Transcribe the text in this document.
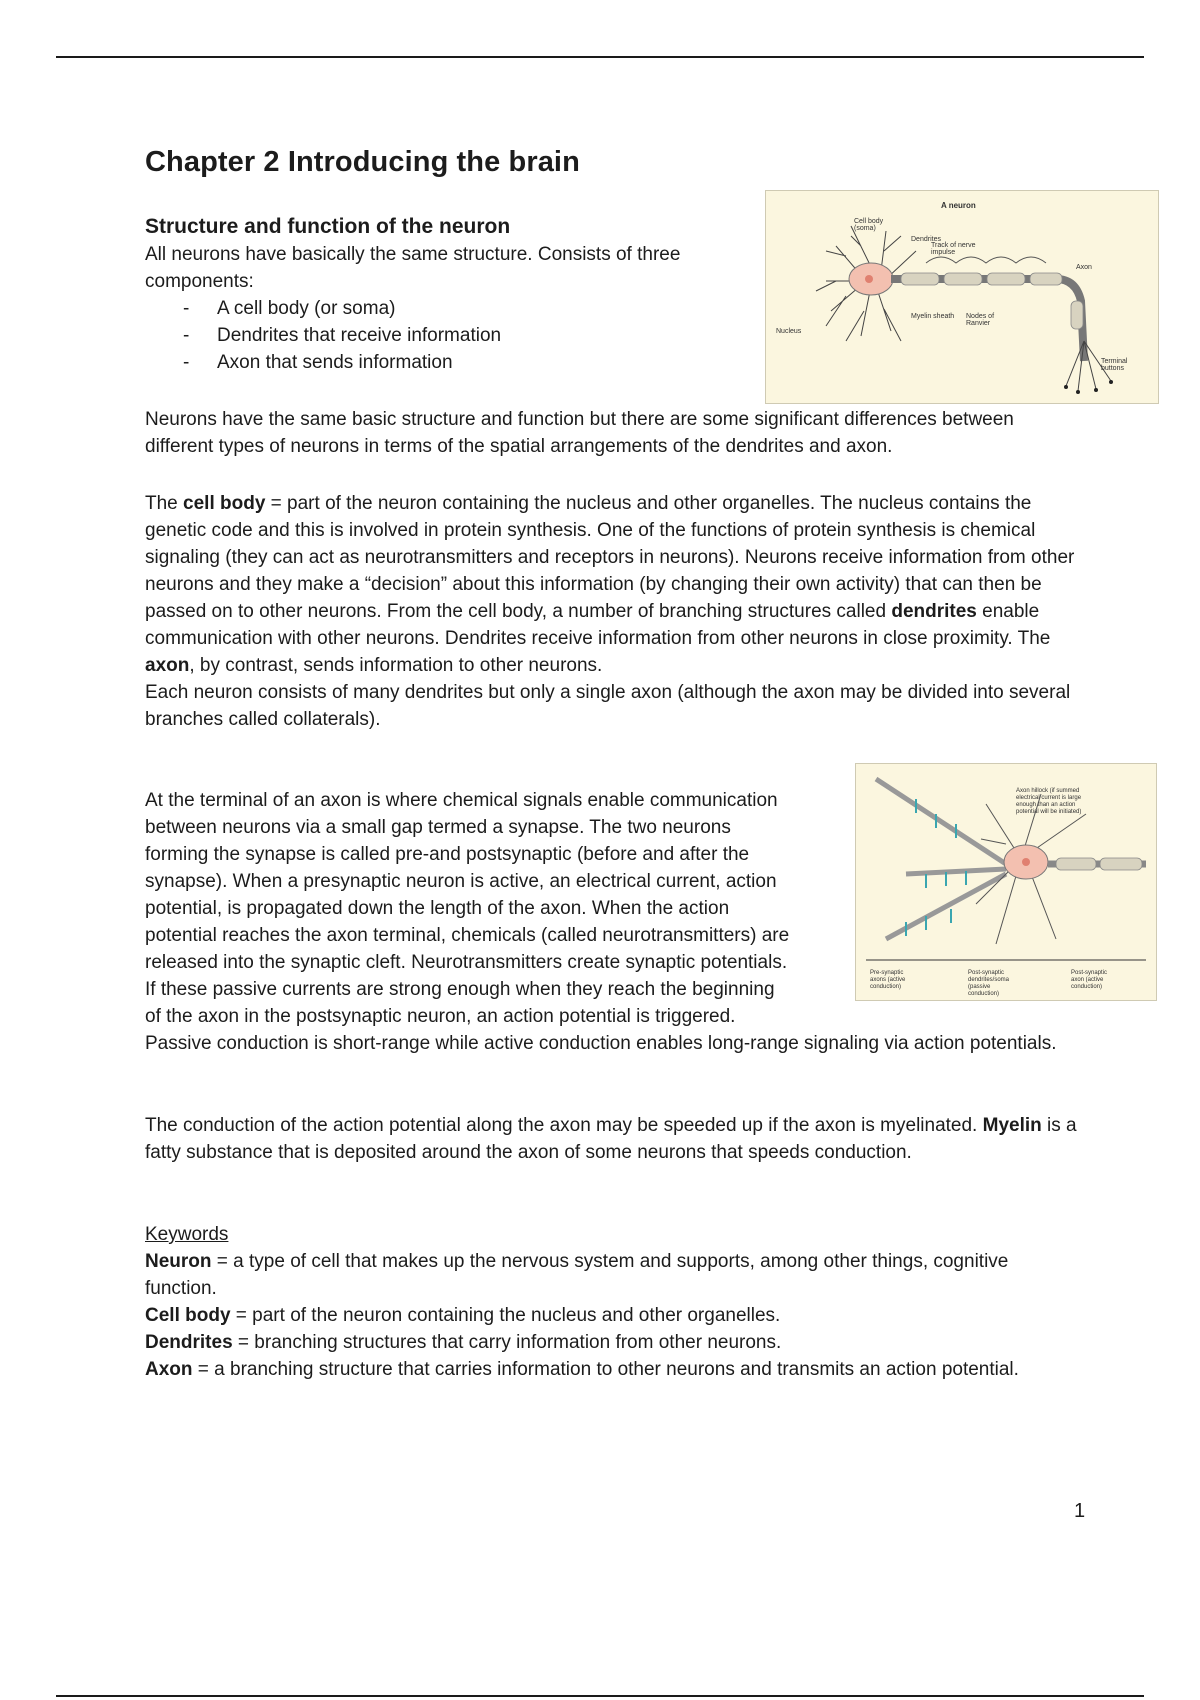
Chapter 2 Introducing the brain
Structure and function of the neuron

All neurons have basically the same structure. Consists of three components:

- A cell body (or soma)
- Dendrites that receive information
- Axon that sends information
A neuron
Cell body (soma)
Dendrites
Track of nerve impulse
Axon
Nucleus
Myelin sheath Nodes of Ranvier
Terminal buttons

Neurons have the same basic structure and function but there are some significant differences between different types of neurons in terms of the spatial arrangements of the dendrites and axon.

The cell body = part of the neuron containing the nucleus and other organelles. The nucleus contains the genetic code and this is involved in protein synthesis. One of the functions of protein synthesis is chemical signaling (they can act as neurotransmitters and receptors in neurons). Neurons receive information from other neurons and they make a “decision” about this information (by changing their own activity) that can then be passed on to other neurons. From the cell body, a number of branching structures called dendrites enable communication with other neurons. Dendrites receive information from other neurons in close proximity. The axon, by contrast, sends information to other neurons.

Each neuron consists of many dendrites but only a single axon (although the axon may be divided into several branches called collaterals).

At the terminal of an axon is where chemical signals enable communication between neurons via a small gap termed a synapse. The two neurons forming the synapse is called pre-and postsynaptic (before and after the synapse). When a presynaptic neuron is active, an electrical current, action potential, is propagated down the length of the axon. When the action potential reaches the axon terminal, chemicals (called neurotransmitters) are released into the synaptic cleft. Neurotransmitters create synaptic potentials. If these passive currents are strong enough when they reach the beginning of the axon in the postsynaptic neuron, an action potential is triggered. Passive conduction is short-range while active conduction enables long-range signaling via action potentials.

Axon hillock (if summed electrical current is large enough than an action potential will be initiated)
Pre-synaptic axons (active conduction)
Post-synaptic dendrites/soma (passive conduction)
Post-synaptic axon (active conduction)

The conduction of the action potential along the axon may be speeded up if the axon is myelinated. Myelin is a fatty substance that is deposited around the axon of some neurons that speeds conduction.

Keywords

Neuron = a type of cell that makes up the nervous system and supports, among other things, cognitive function.

Cell body = part of the neuron containing the nucleus and other organelles.

Dendrites = branching structures that carry information from other neurons.

Axon = a branching structure that carries information to other neurons and transmits an action potential.

1
